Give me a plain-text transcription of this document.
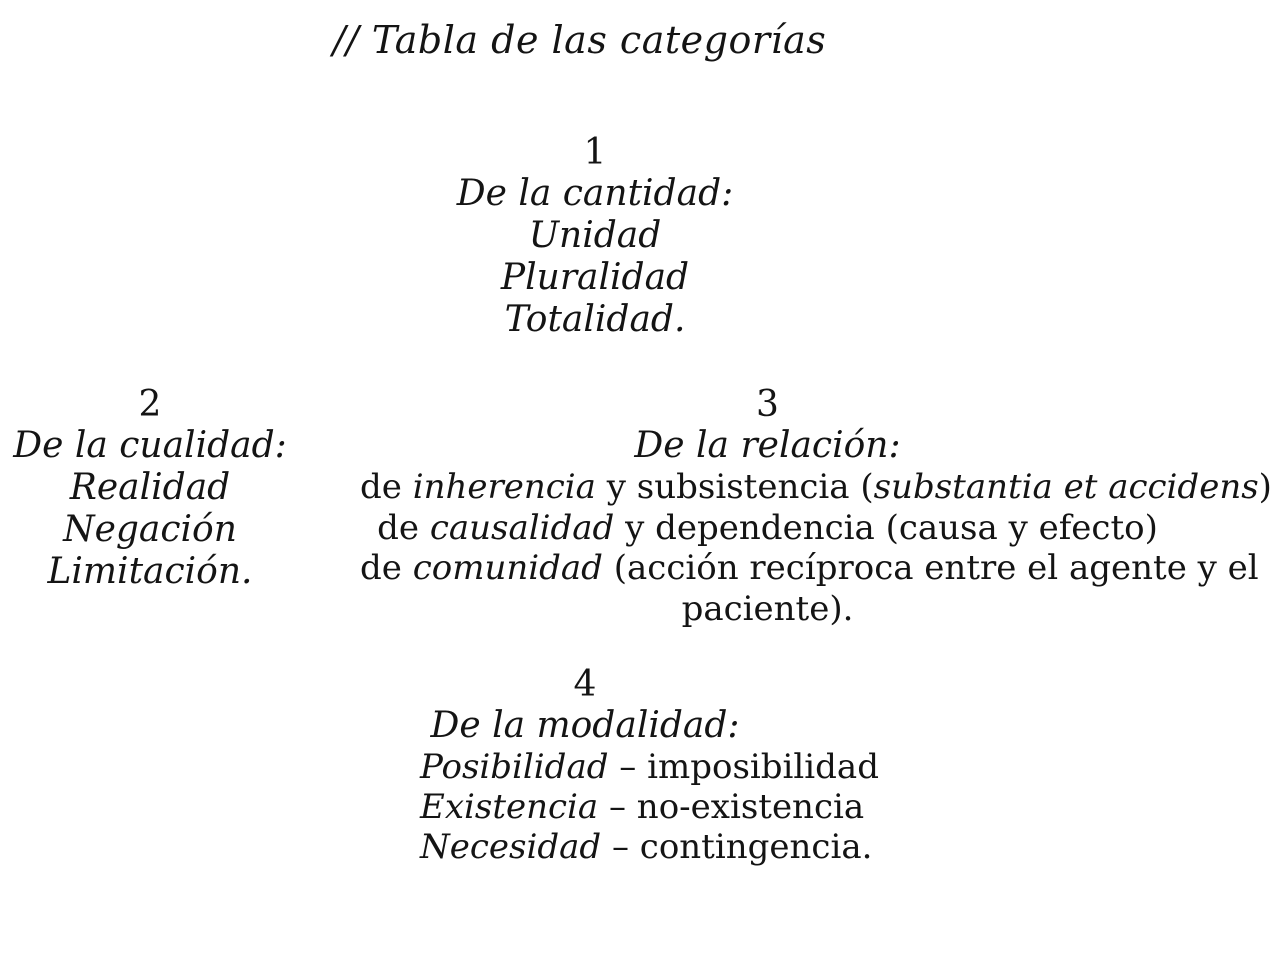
// Tabla de las categorías
1
De la cantidad:
Unidad
Pluralidad
Totalidad.
2
De la cualidad:
Realidad
Negación
Limitación.
3
De la relación:
de inherencia y subsistencia (substantia et accidens)
de causalidad y dependencia (causa y efecto)
de comunidad (acción recíproca entre el agente y el
paciente).
4
De la modalidad:
Posibilidad – imposibilidad
Existencia – no-existencia
Necesidad – contingencia.
